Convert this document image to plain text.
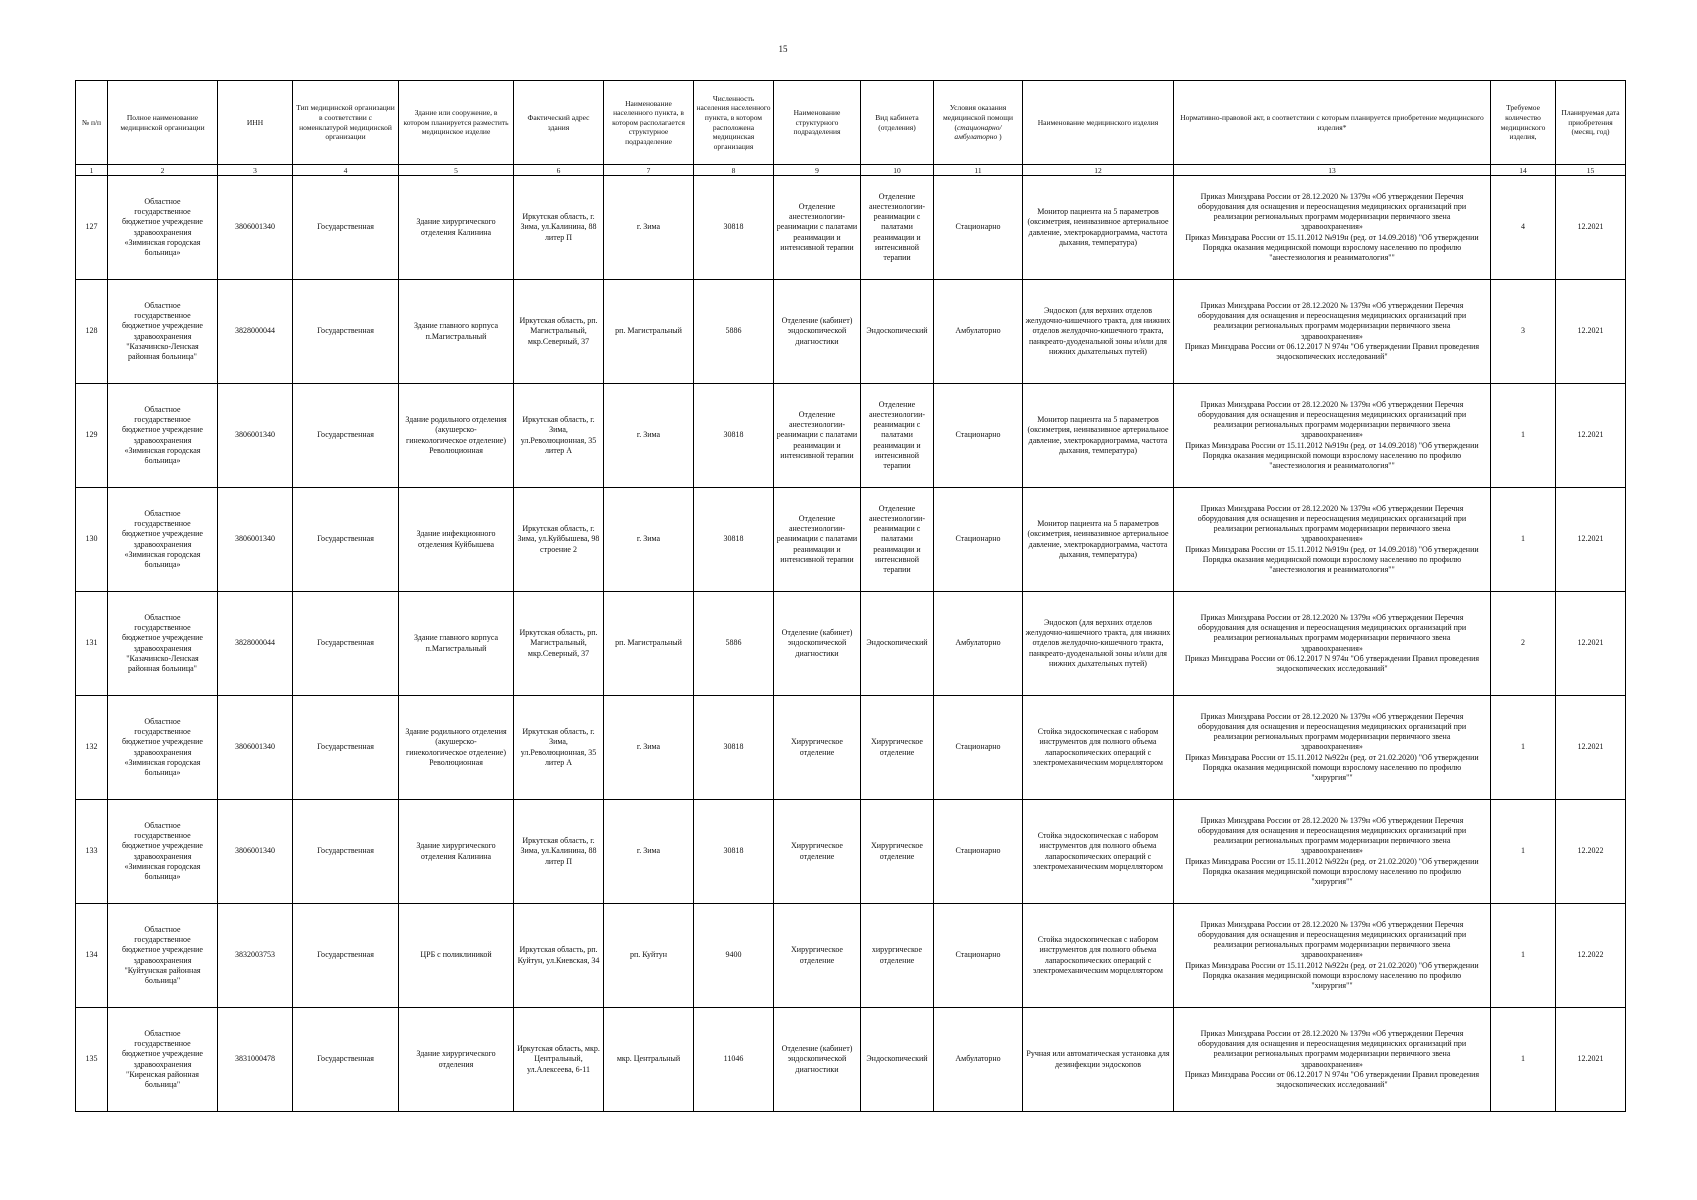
15
№ п/п	Полное наименование медицинской организации	ИНН	Тип медицинской организации в соответствии с номенклатурой медицинской организации	Здание или сооружение, в котором планируется разместить медицинское изделие	Фактический адрес здания	Наименование населенного пункта, в котором располагается структурное подразделение	Численность населения населенного пункта, в котором расположена медицинская организация	Наименование структурного подразделения	Вид кабинета (отделения)	Условия оказания медицинской помощи (стационарно/амбулаторно )	Наименование медицинского изделия	Нормативно-правовой акт, в соответствии с которым планируется приобретение медицинского изделия*	Требуемое количество медицинского изделия,	Планируемая дата приобретения (месяц, год)
1	2	3	4	5	6	7	8	9	10	11	12	13	14	15
127	Областное государственное бюджетное учреждение здравоохранения «Зиминская городская больница»	3806001340	Государственная	Здание хирургического отделения Калинина	Иркутская область, г. Зима, ул.Калинина, 88 литер П	г. Зима	30818	Отделение анестезиологии-реанимации с палатами реанимации и интенсивной терапии	Отделение анестезиологии-реанимации с палатами реанимации и интенсивной терапии	Стационарно	Монитор пациента на 5 параметров (оксиметрия, неинвазивное артериальное давление, электрокардиограмма, частота дыхания, температура)	Приказ Минздрава России от 28.12.2020 № 1379н «Об утверждении Перечня оборудования для оснащения и переоснащения медицинских организаций при реализации региональных программ модернизации первичного звена здравоохранения»
Приказ Минздрава России от 15.11.2012 №919н (ред. от 14.09.2018) "Об утверждении Порядка оказания медицинской помощи взрослому населению по профилю "анестезиология и реаниматология""	4	12.2021
128	Областное государственное бюджетное учреждение здравоохранения "Казачинско-Ленская районная больница"	3828000044	Государственная	Здание главного корпуса п.Магистральный	Иркутская область, рп. Магистральный, мкр.Северный, 37	рп. Магистральный	5886	Отделение (кабинет) эндоскопической диагностики	Эндоскопический	Амбулаторно	Эндоскоп (для верхних отделов желудочно-кишечного тракта, для нижних отделов желудочно-кишечного тракта, панкреато-дуоденальной зоны и/или для нижних дыхательных путей)	Приказ Минздрава России от 28.12.2020 № 1379н «Об утверждении Перечня оборудования для оснащения и переоснащения медицинских организаций при реализации региональных программ модернизации первичного звена здравоохранения»
Приказ Минздрава России от 06.12.2017 N 974н "Об утверждении Правил проведения эндоскопических исследований"	3	12.2021
129	Областное государственное бюджетное учреждение здравоохранения «Зиминская городская больница»	3806001340	Государственная	Здание родильного отделения (акушерско-гинекологическое отделение) Революционная	Иркутская область, г. Зима, ул.Революционная, 35 литер А	г. Зима	30818	Отделение анестезиологии-реанимации с палатами реанимации и интенсивной терапии	Отделение анестезиологии-реанимации с палатами реанимации и интенсивной терапии	Стационарно	Монитор пациента на 5 параметров (оксиметрия, неинвазивное артериальное давление, электрокардиограмма, частота дыхания, температура)	Приказ Минздрава России от 28.12.2020 № 1379н «Об утверждении Перечня оборудования для оснащения и переоснащения медицинских организаций при реализации региональных программ модернизации первичного звена здравоохранения»
Приказ Минздрава России от 15.11.2012 №919н (ред. от 14.09.2018) "Об утверждении Порядка оказания медицинской помощи взрослому населению по профилю "анестезиология и реаниматология""	1	12.2021
130	Областное государственное бюджетное учреждение здравоохранения «Зиминская городская больница»	3806001340	Государственная	Здание инфекционного отделения Куйбышева	Иркутская область, г. Зима, ул.Куйбышева, 98 строение 2	г. Зима	30818	Отделение анестезиологии-реанимации с палатами реанимации и интенсивной терапии	Отделение анестезиологии-реанимации с палатами реанимации и интенсивной терапии	Стационарно	Монитор пациента на 5 параметров (оксиметрия, неинвазивное артериальное давление, электрокардиограмма, частота дыхания, температура)	Приказ Минздрава России от 28.12.2020 № 1379н «Об утверждении Перечня оборудования для оснащения и переоснащения медицинских организаций при реализации региональных программ модернизации первичного звена здравоохранения»
Приказ Минздрава России от 15.11.2012 №919н (ред. от 14.09.2018) "Об утверждении Порядка оказания медицинской помощи взрослому населению по профилю "анестезиология и реаниматология""	1	12.2021
131	Областное государственное бюджетное учреждение здравоохранения "Казачинско-Ленская районная больница"	3828000044	Государственная	Здание главного корпуса п.Магистральный	Иркутская область, рп. Магистральный, мкр.Северный, 37	рп. Магистральный	5886	Отделение (кабинет) эндоскопической диагностики	Эндоскопический	Амбулаторно	Эндоскоп (для верхних отделов желудочно-кишечного тракта, для нижних отделов желудочно-кишечного тракта, панкреато-дуоденальной зоны и/или для нижних дыхательных путей)	Приказ Минздрава России от 28.12.2020 № 1379н «Об утверждении Перечня оборудования для оснащения и переоснащения медицинских организаций при реализации региональных программ модернизации первичного звена здравоохранения»
Приказ Минздрава России от 06.12.2017 N 974н "Об утверждении Правил проведения эндоскопических исследований"	2	12.2021
132	Областное государственное бюджетное учреждение здравоохранения «Зиминская городская больница»	3806001340	Государственная	Здание родильного отделения (акушерско-гинекологическое отделение) Революционная	Иркутская область, г. Зима, ул.Революционная, 35 литер А	г. Зима	30818	Хирургическое отделение	Хирургическое отделение	Стационарно	Стойка эндоскопическая с набором инструментов для полного объема лапароскопических операций с электромеханическим морцеллятором	Приказ Минздрава России от 28.12.2020 № 1379н «Об утверждении Перечня оборудования для оснащения и переоснащения медицинских организаций при реализации региональных программ модернизации первичного звена здравоохранения»
Приказ Минздрава России от 15.11.2012 №922н (ред. от 21.02.2020) "Об утверждении Порядка оказания медицинской помощи взрослому населению по профилю "хирургия""	1	12.2021
133	Областное государственное бюджетное учреждение здравоохранения «Зиминская городская больница»	3806001340	Государственная	Здание хирургического отделения Калинина	Иркутская область, г. Зима, ул.Калинина, 88 литер П	г. Зима	30818	Хирургическое отделение	Хирургическое отделение	Стационарно	Стойка эндоскопическая с набором инструментов для полного объема лапароскопических операций с электромеханическим морцеллятором	Приказ Минздрава России от 28.12.2020 № 1379н «Об утверждении Перечня оборудования для оснащения и переоснащения медицинских организаций при реализации региональных программ модернизации первичного звена здравоохранения»
Приказ Минздрава России от 15.11.2012 №922н (ред. от 21.02.2020) "Об утверждении Порядка оказания медицинской помощи взрослому населению по профилю "хирургия""	1	12.2022
134	Областное государственное бюджетное учреждение здравоохранения "Куйтунская районная больница"	3832003753	Государственная	ЦРБ с поликлиникой	Иркутская область, рп. Куйтун, ул.Киевская, 34	рп. Куйтун	9400	Хирургическое отделение	хирургическое отделение	Стационарно	Стойка эндоскопическая с набором инструментов для полного объема лапароскопических операций с электромеханическим морцеллятором	Приказ Минздрава России от 28.12.2020 № 1379н «Об утверждении Перечня оборудования для оснащения и переоснащения медицинских организаций при реализации региональных программ модернизации первичного звена здравоохранения»
Приказ Минздрава России от 15.11.2012 №922н (ред. от 21.02.2020) "Об утверждении Порядка оказания медицинской помощи взрослому населению по профилю "хирургия""	1	12.2022
135	Областное государственное бюджетное учреждение здравоохранения "Киренская районная больница"	3831000478	Государственная	Здание хирургического отделения	Иркутская область, мкр. Центральный, ул.Алексеева, 6-11	мкр. Центральный	11046	Отделение (кабинет) эндоскопической диагностики	Эндоскопический	Амбулаторно	Ручная или автоматическая установка для дезинфекции эндоскопов	Приказ Минздрава России от 28.12.2020 № 1379н «Об утверждении Перечня оборудования для оснащения и переоснащения медицинских организаций при реализации региональных программ модернизации первичного звена здравоохранения»
Приказ Минздрава России от 06.12.2017 N 974н "Об утверждении Правил проведения эндоскопических исследований"	1	12.2021
